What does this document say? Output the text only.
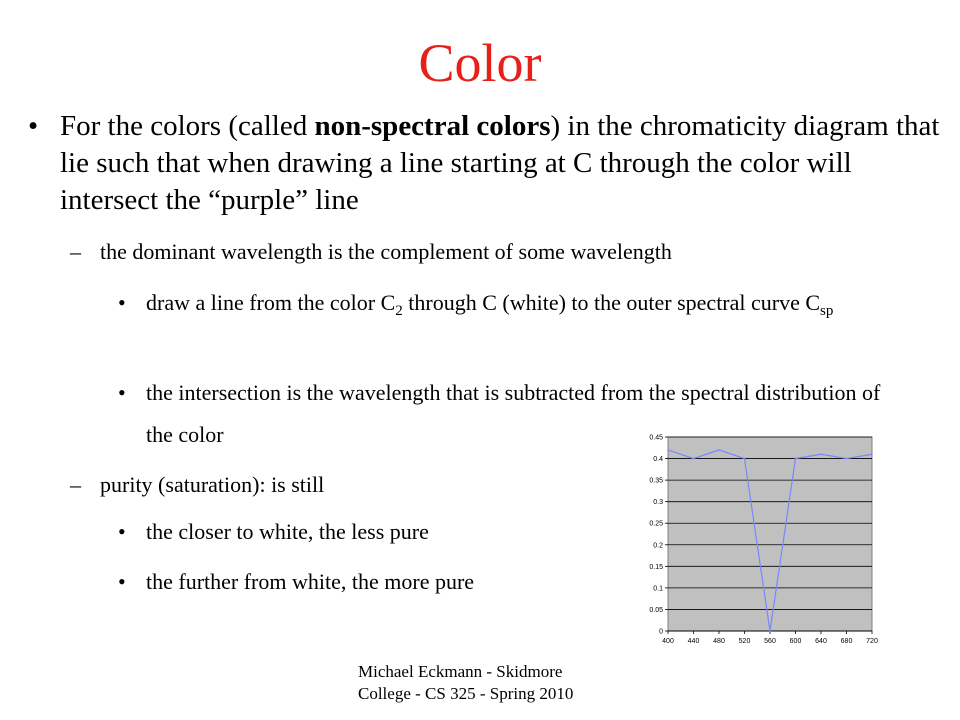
Color
• For the colors (called non-spectral colors) in the chromaticity diagram that lie such that when drawing a line starting at C through the color will intersect the “purple” line
– the dominant wavelength is the complement of some wavelength
• draw a line from the color $C_2$ through C (white) to the outer spectral curve $C_{sp}$
• the intersection is the wavelength that is subtracted from the spectral distribution of the color
– purity (saturation): is still
• the closer to white, the less pure
• the further from white, the more pure
0
0.05
0.1
0.15
0.2
0.25
0.3
0.35
0.4
0.45
400 440 480 520 560 600 640 680 720
Michael Eckmann - Skidmore
College - CS 325 - Spring 2010
